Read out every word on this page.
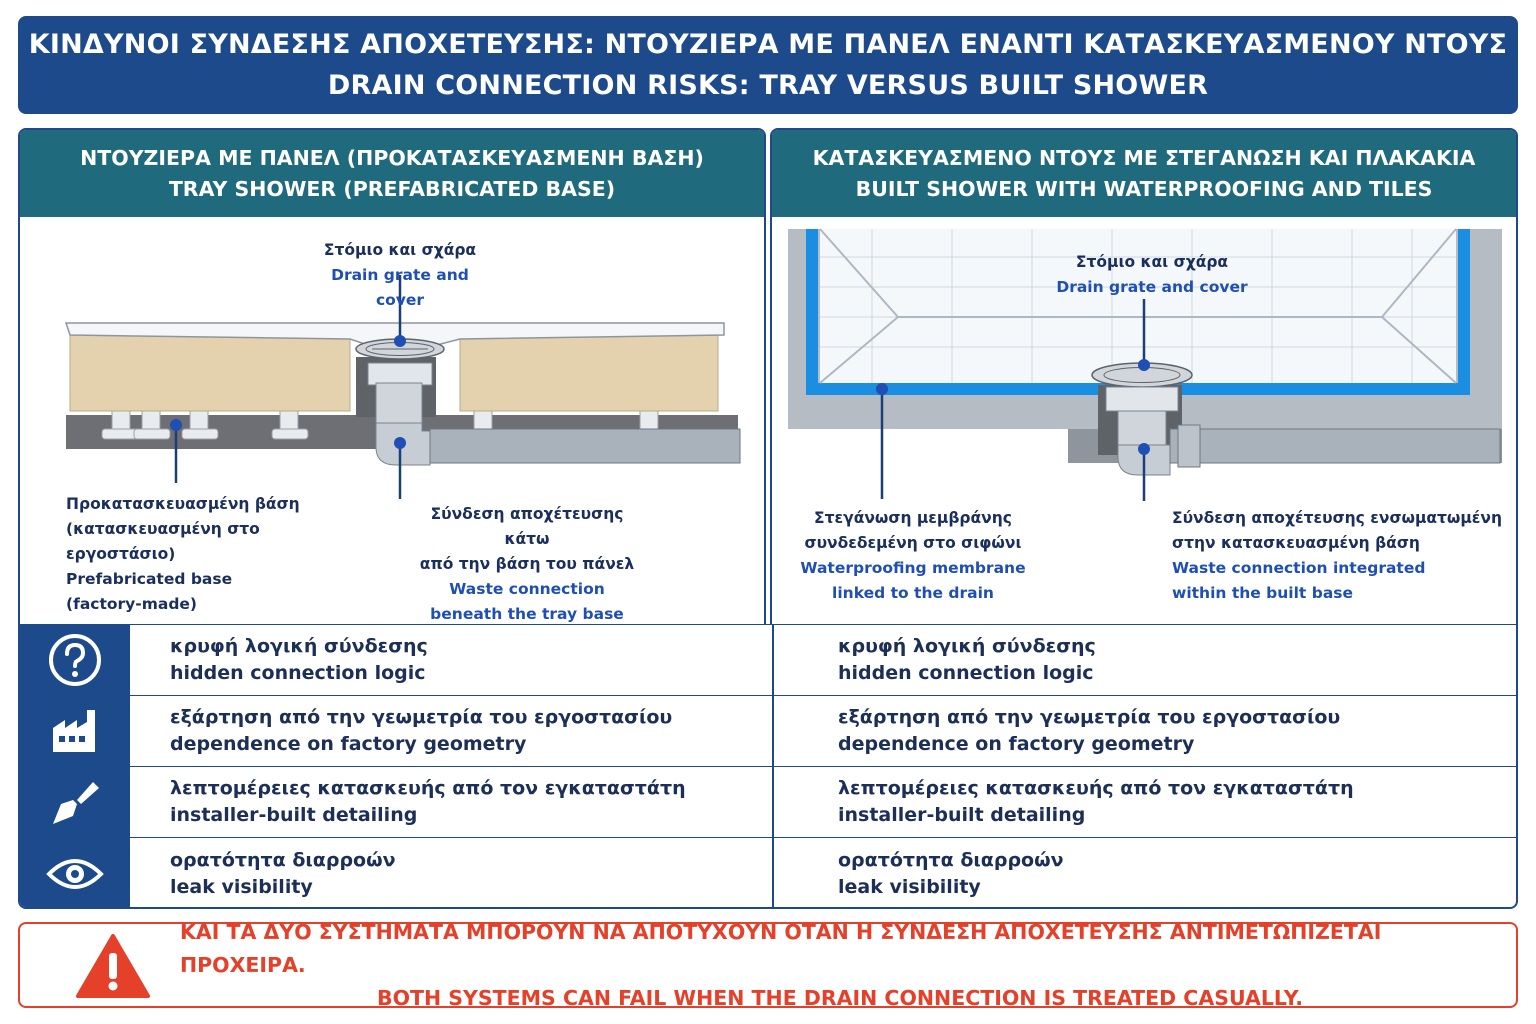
ΚΙΝΔΥΝΟΙ ΣΥΝΔΕΣΗΣ ΑΠΟΧΕΤΕΥΣΗΣ: ΝΤΟΥΖΙΕΡΑ ΜΕ ΠΑΝΕΛ ΕΝΑΝΤΙ ΚΑΤΑΣΚΕΥΑΣΜΕΝΟΥ ΝΤΟΥΣ
DRAIN CONNECTION RISKS: TRAY VERSUS BUILT SHOWER
ΝΤΟΥΖΙΕΡΑ ΜΕ ΠΑΝΕΛ (ΠΡΟΚΑΤΑΣΚΕΥΑΣΜΕΝΗ ΒΑΣΗ)
TRAY SHOWER (PREFABRICATED BASE)
Στόμιο και σχάρα
Drain grate and cover
Προκατασκευασμένη βάση
(κατασκευασμένη στο εργοστάσιο)
Prefabricated base
(factory-made)
Σύνδεση αποχέτευσης κάτω
από την βάση του πάνελ
Waste connection
beneath the tray base
ΚΑΤΑΣΚΕΥΑΣΜΕΝΟ ΝΤΟΥΣ ΜΕ ΣΤΕΓΑΝΩΣΗ ΚΑΙ ΠΛΑΚΑΚΙΑ
BUILT SHOWER WITH WATERPROOFING AND TILES
Στόμιο και σχάρα
Drain grate and cover
Στεγάνωση μεμβράνης
συνδεδεμένη στο σιφώνι
Waterproofing membrane
linked to the drain
Σύνδεση αποχέτευσης ενσωματωμένη
στην κατασκευασμένη βάση
Waste connection integrated
within the built base
κρυφή λογική σύνδεσης
hidden connection logic
κρυφή λογική σύνδεσης
hidden connection logic
εξάρτηση από την γεωμετρία του εργοστασίου
dependence on factory geometry
εξάρτηση από την γεωμετρία του εργοστασίου
dependence on factory geometry
λεπτομέρειες κατασκευής από τον εγκαταστάτη
installer-built detailing
λεπτομέρειες κατασκευής από τον εγκαταστάτη
installer-built detailing
ορατότητα διαρροών
leak visibility
ορατότητα διαρροών
leak visibility
ΚΑΙ ΤΑ ΔΥΟ ΣΥΣΤΗΜΑΤΑ ΜΠΟΡΟΥΝ ΝΑ ΑΠΟΤΥΧΟΥΝ ΟΤΑΝ Η ΣΥΝΔΕΣΗ ΑΠΟΧΕΤΕΥΣΗΣ ΑΝΤΙΜΕΤΩΠΙΖΕΤΑΙ ΠΡΟΧΕΙΡΑ.
BOTH SYSTEMS CAN FAIL WHEN THE DRAIN CONNECTION IS TREATED CASUALLY.
